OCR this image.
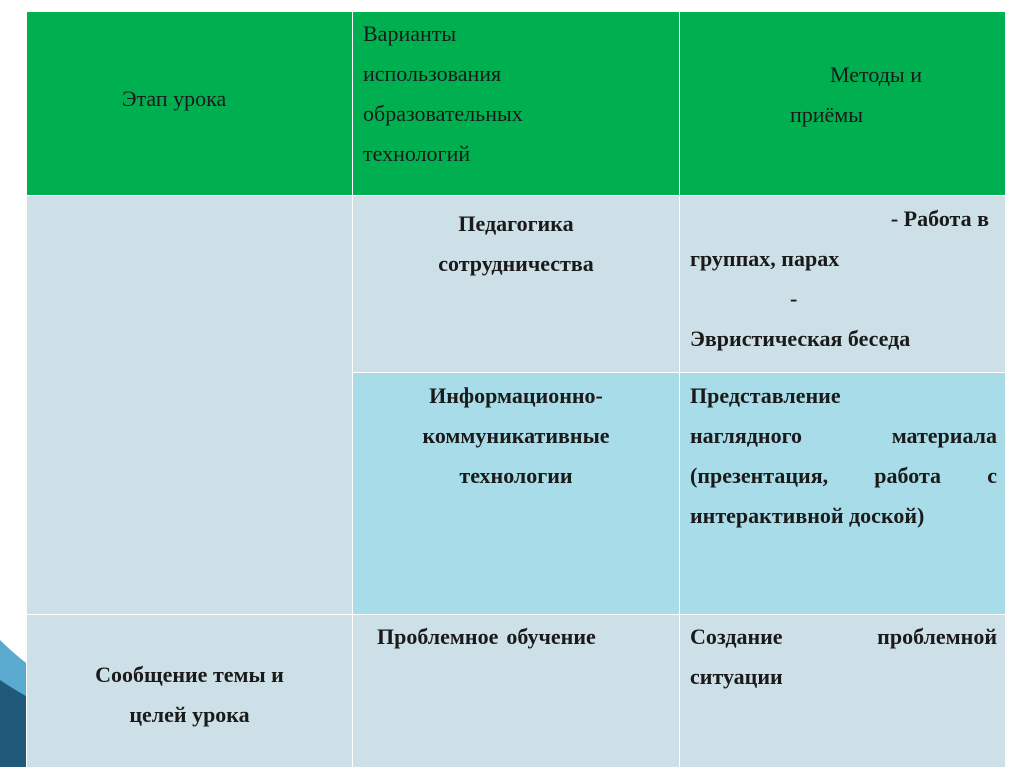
Этап урока	Варианты
использования
образовательных
технологий	Методы и
приёмы

	Педагогика
сотрудничества	- Работа в
группах, парах
-
Эвристическая беседа

	Информационно-
коммуникативные
технологии	Представление
наглядного материала
(презентация, работа с
интерактивной доской)

Сообщение темы и
целей урока	Проблемное обучение	Создание проблемной
ситуации
